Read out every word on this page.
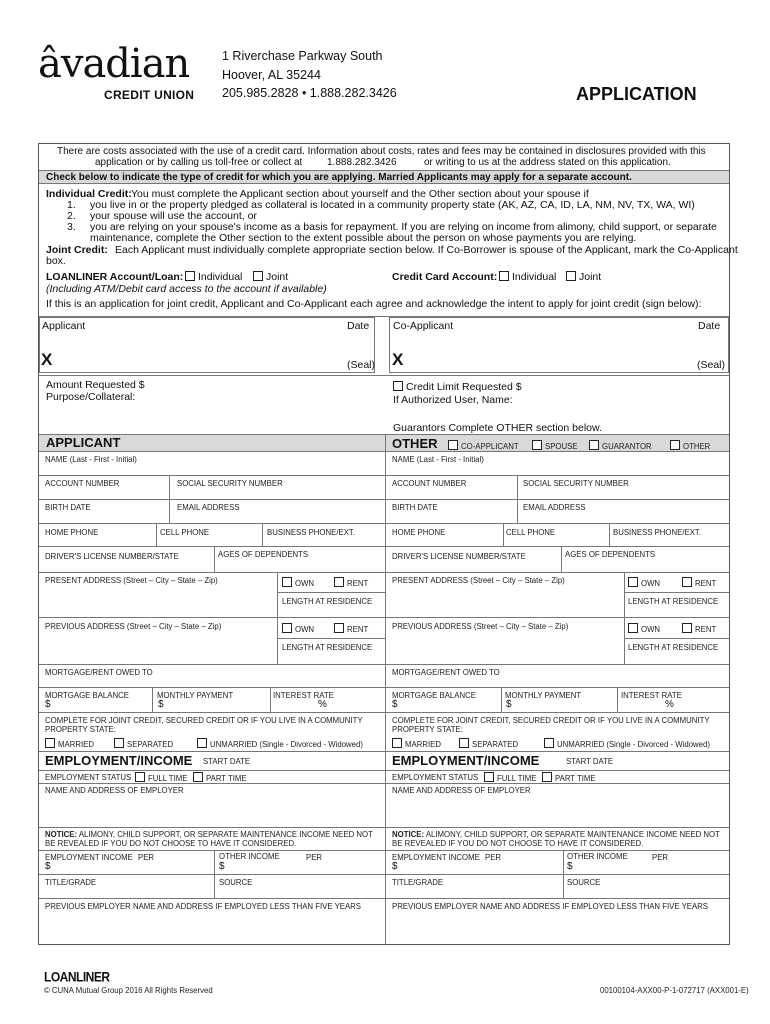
âvadian
CREDIT UNION
1 Riverchase Parkway South
Hoover, AL 35244
205.985.2828 • 1.888.282.3426	APPLICATION
There are costs associated with the use of a credit card. Information about costs, rates and fees may be contained in disclosures provided with this
application or by calling us toll-free or collect at 1.888.282.3426	or writing to us at the address stated on this application.
Check below to indicate the type of credit for which you are applying. Married Applicants may apply for a separate account.
Individual Credit: You must complete the Applicant section about yourself and the Other section about your spouse if
1. you live in or the property pledged as collateral is located in a community property state (AK, AZ, CA, ID, LA, NM, NV, TX, WA, WI)
2. your spouse will use the account, or
3. you are relying on your spouse's income as a basis for repayment. If you are relying on income from alimony, child support, or separate
maintenance, complete the Other section to the extent possible about the person on whose payments you are relying.
Joint Credit: Each Applicant must individually complete appropriate section below. If Co-Borrower is spouse of the Applicant, mark the Co-Applicant
box.
LOANLINER Account/Loan:	Individual	Joint	Credit Card Account:	Individual	Joint
(Including ATM/Debit card access to the account if available)
If this is an application for joint credit, Applicant and Co-Applicant each agree and acknowledge the intent to apply for joint credit (sign below):
Applicant	Date Co-Applicant	Date
X	(Seal) X	(Seal)
Amount Requested $
Purpose/Collateral:
Credit Limit Requested $
If Authorized User, Name:
Guarantors Complete OTHER section below.
APPLICANT	OTHER	CO-APPLICANT	SPOUSE	GUARANTOR	OTHER
NAME (Last - First - Initial)
ACCOUNT NUMBER	SOCIAL SECURITY NUMBER
BIRTH DATE	EMAIL ADDRESS
HOME PHONE	CELL PHONE	BUSINESS PHONE/EXT.
DRIVER'S LICENSE NUMBER/STATE	AGES OF DEPENDENTS
PRESENT ADDRESS (Street – City – State – Zip)	OWN	RENT
LENGTH AT RESIDENCE
PREVIOUS ADDRESS (Street – City – State – Zip)	OWN	RENT
LENGTH AT RESIDENCE
MORTGAGE/RENT OWED TO
MORTGAGE BALANCE	MONTHLY PAYMENT	INTEREST RATE
$	$	%
COMPLETE FOR JOINT CREDIT, SECURED CREDIT OR IF YOU LIVE IN A COMMUNITY
PROPERTY STATE:
MARRIED	SEPARATED	UNMARRIED (Single - Divorced - Widowed)
EMPLOYMENT/INCOME START DATE
EMPLOYMENT STATUS	FULL TIME	PART TIME
NAME AND ADDRESS OF EMPLOYER
NOTICE: ALIMONY, CHILD SUPPORT, OR SEPARATE MAINTENANCE INCOME NEED NOT
BE REVEALED IF YOU DO NOT CHOOSE TO HAVE IT CONSIDERED.
EMPLOYMENT INCOME PER	OTHER INCOME	PER
$	$
TITLE/GRADE	SOURCE
PREVIOUS EMPLOYER NAME AND ADDRESS IF EMPLOYED LESS THAN FIVE YEARS
NAME (Last - First - Initial)
ACCOUNT NUMBER	SOCIAL SECURITY NUMBER
BIRTH DATE	EMAIL ADDRESS
HOME PHONE	CELL PHONE	BUSINESS PHONE/EXT.
DRIVER'S LICENSE NUMBER/STATE	AGES OF DEPENDENTS
PRESENT ADDRESS (Street – City – State – Zip)	OWN	RENT
LENGTH AT RESIDENCE
PREVIOUS ADDRESS (Street – City – State – Zip)	OWN	RENT
LENGTH AT RESIDENCE
MORTGAGE/RENT OWED TO
MORTGAGE BALANCE	MONTHLY PAYMENT	INTEREST RATE
$	$	%
COMPLETE FOR JOINT CREDIT, SECURED CREDIT OR IF YOU LIVE IN A COMMUNITY
PROPERTY STATE:
MARRIED	SEPARATED	UNMARRIED (Single - Divorced - Widowed)
EMPLOYMENT/INCOME	START DATE
EMPLOYMENT STATUS	FULL TIME	PART TIME
NAME AND ADDRESS OF EMPLOYER
NOTICE: ALIMONY, CHILD SUPPORT, OR SEPARATE MAINTENANCE INCOME NEED NOT
BE REVEALED IF YOU DO NOT CHOOSE TO HAVE IT CONSIDERED.
EMPLOYMENT INCOME PER	OTHER INCOME	PER
$	$
TITLE/GRADE	SOURCE
PREVIOUS EMPLOYER NAME AND ADDRESS IF EMPLOYED LESS THAN FIVE YEARS
LOANLINER
© CUNA Mutual Group 2016 All Rights Reserved	00100104-AXX00-P-1-072717 (AXX001-E)
